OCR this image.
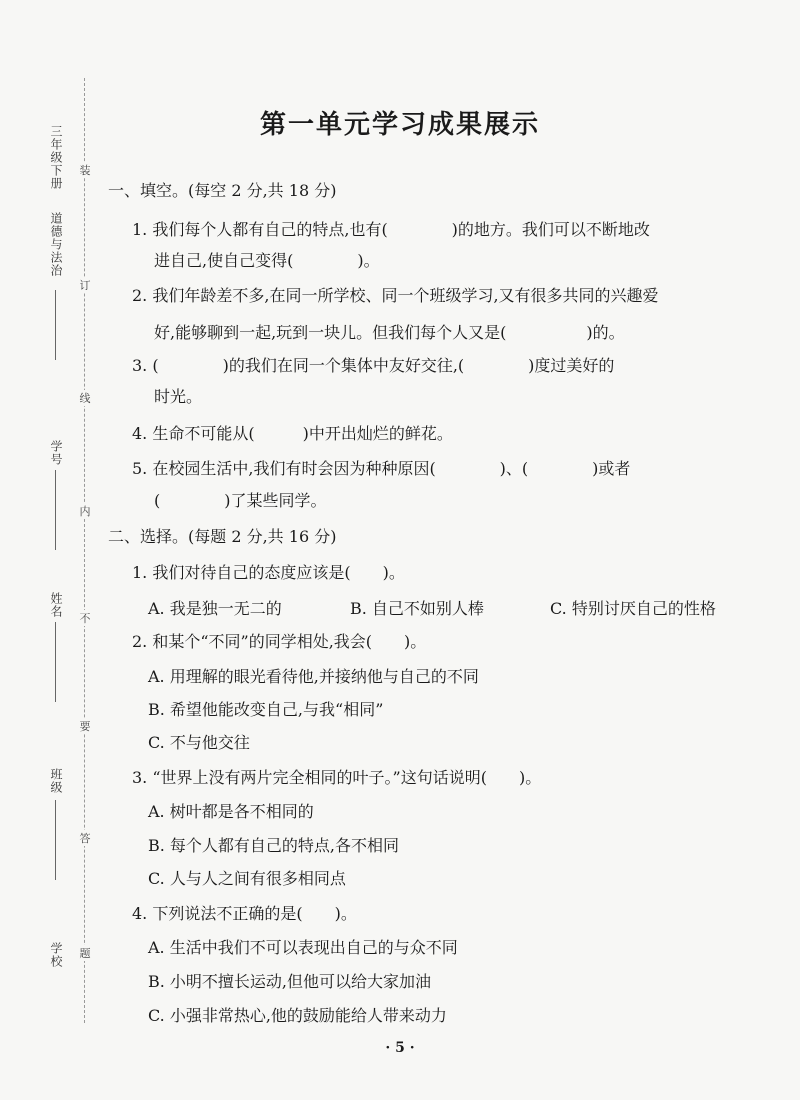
三年级下册
道德与法治
学号
姓名
班级
学校
装
订
线
内
不
要
答
题
第一单元学习成果展示
一、填空。(每空 2 分,共 18 分)
1. 我们每个人都有自己的特点,也有(　　　　)的地方。我们可以不断地改
进自己,使自己变得(　　　　)。
2. 我们年龄差不多,在同一所学校、同一个班级学习,又有很多共同的兴趣爱
好,能够聊到一起,玩到一块儿。但我们每个人又是(　　　　　)的。
3. (　　　　)的我们在同一个集体中友好交往,(　　　　)度过美好的
时光。
4. 生命不可能从(　　　)中开出灿烂的鲜花。
5. 在校园生活中,我们有时会因为种种原因(　　　　)、(　　　　)或者
(　　　　)了某些同学。
二、选择。(每题 2 分,共 16 分)
1. 我们对待自己的态度应该是(　　)。
A. 我是独一无二的	B. 自己不如别人棒	C. 特别讨厌自己的性格
2. 和某个“不同”的同学相处,我会(　　)。
A. 用理解的眼光看待他,并接纳他与自己的不同
B. 希望他能改变自己,与我“相同”
C. 不与他交往
3. “世界上没有两片完全相同的叶子。”这句话说明(　　)。
A. 树叶都是各不相同的
B. 每个人都有自己的特点,各不相同
C. 人与人之间有很多相同点
4. 下列说法不正确的是(　　)。
A. 生活中我们不可以表现出自己的与众不同
B. 小明不擅长运动,但他可以给大家加油
C. 小强非常热心,他的鼓励能给人带来动力
· 5 ·
